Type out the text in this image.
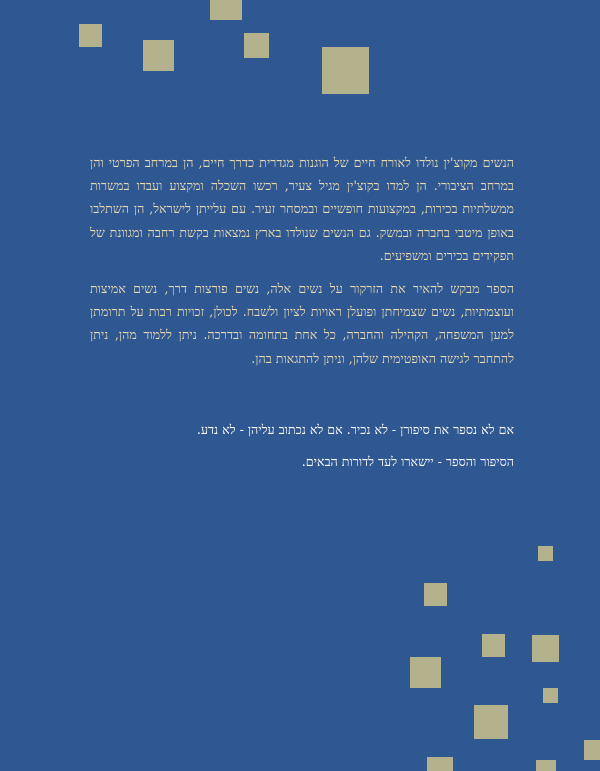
הנשים מקוצ'ין נולדו לאורח חיים של הוגנות מגדרית כדרך חיים, הן במרחב הפרטי והן במרחב הציבורי. הן למדו בקוצ'ין מגיל צעיר, רכשו השכלה ומקצוע ועבדו במשרות ממשלתיות בכירות, במקצועות חופשיים ובמסחר זעיר. עם עלייתן לישראל, הן השתלבו באופן מיטבי בחברה ובמשק. גם הנשים שנולדו בארץ נמצאות בקשת רחבה ומגוונת של תפקידים בכירים ומשפיעים.

הספר מבקש להאיר את הזרקור על נשים אלה, נשים פורצות דרך, נשים אמיצות ועוצמתיות, נשים שצמיחתן ופועלן ראויות לציון ולשבח. לכולן, זכויות רבות על תרומתן למען המשפחה, הקהילה והחברה, כל אחת בתחומה ובדרכה. ניתן ללמוד מהן, ניתן להתחבר לגישה האופטימית שלהן, וניתן להתגאות בהן.

אם לא נספר את סיפורן - לא נכיר. אם לא נכתוב עליהן - לא נדע.

הסיפור והספר - יישארו לעד לדורות הבאים.
